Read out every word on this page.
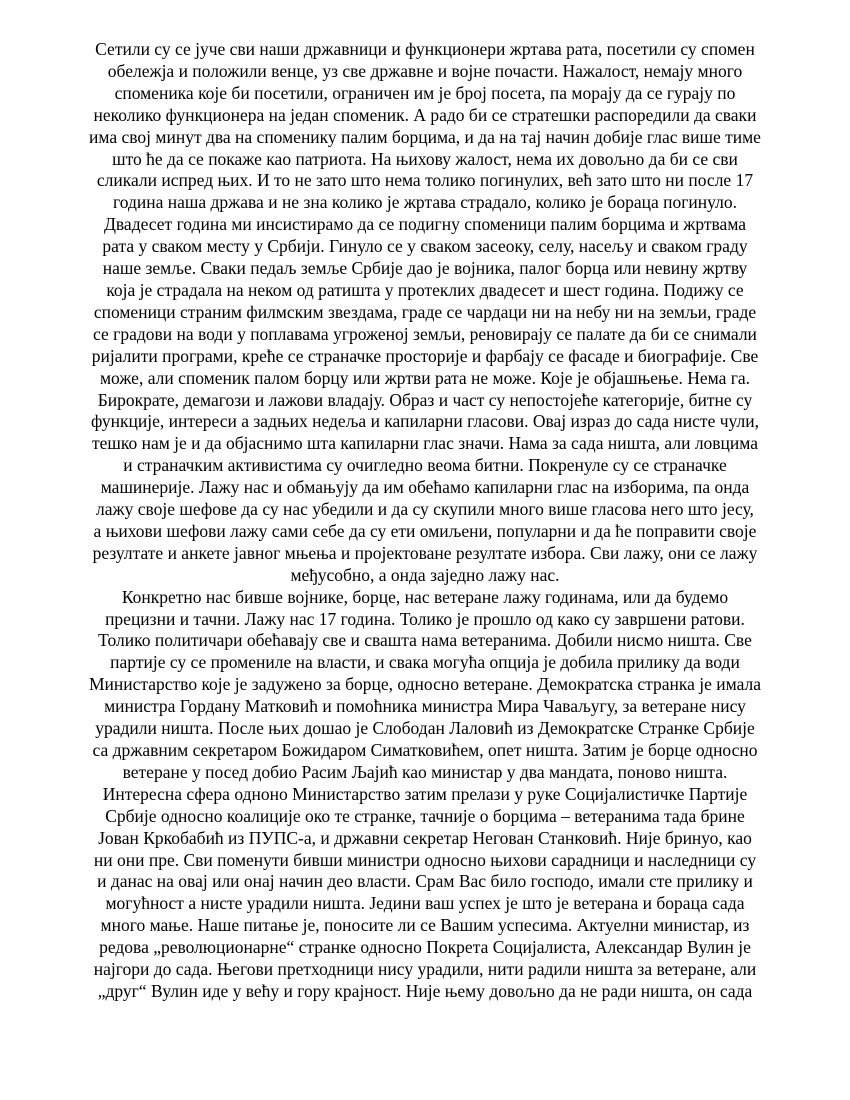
Сетили су се јуче сви наши државници и функционери жртава рата, посетили су спомен
обележја и положили венце, уз све државне и војне почасти. Нажалост, немају много
споменика које би посетили, ограничен им је број посета, па морају да се гурају по
неколико функционера на један споменик. А радо би се стратешки распоредили да сваки
има свој минут два на споменику палим борцима, и да на тај начин добије глас више тиме
што ће да се покаже као патриота. На њихову жалост, нема их довољно да би се сви
сликали испред њих. И то не зато што нема толико погинулих, већ зато што ни после 17
година наша држава и не зна колико је жртава страдало, колико је бораца погинуло.
Двадесет година ми инсистирамо да се подигну споменици палим борцима и жртвама
рата у сваком месту у Србији. Гинуло се у сваком засеоку, селу, насељу и сваком граду
наше земље. Сваки педаљ земље Србије дао је војника, палог борца или невину жртву
која је страдала на неком од ратишта у протеклих двадесет и шест година. Подижу се
споменици страним филмским звездама, граде се чардаци ни на небу ни на земљи, граде
се градови на води у поплавама угроженој земљи, реновирају се палате да би се снимали
ријалити програми, креће се страначке просторије и фарбају се фасаде и биографије. Све
може, али споменик палом борцу или жртви рата не може. Које је објашњење. Нема га.
Бирократе, демагози и лажови владају. Образ и част су непостојеће категорије, битне су
функције, интереси а задњих недеља и капиларни гласови. Овај израз до сада нисте чули,
тешко нам је и да објаснимо шта капиларни глас значи. Нама за сада ништа, али ловцима
и страначким активистима су очигледно веома битни. Покренуле су се страначке
машинерије. Лажу нас и обмањују да им обећамо капиларни глас на изборима, па онда
лажу своје шефове да су нас убедили и да су скупили много више гласова него што јесу,
а њихови шефови лажу сами себе да су ети омиљени, популарни и да ће поправити своје
резултате и анкете јавног мњења и пројектоване резултате избора. Сви лажу, они се лажу
међусобно, а онда заједно лажу нас.
Конкретно нас бивше војнике, борце, нас ветеране лажу годинама, или да будемо
прецизни и тачни. Лажу нас 17 година. Толико је прошло од како су завршени ратови.
Толико политичари обећавају све и свашта нама ветеранима. Добили нисмо ништа. Све
партије су се промениле на власти, и свака могућа опција је добила прилику да води
Министарство које је задужено за борце, односно ветеране. Демократска странка је имала
министра Гордану Матковић и помоћника министра Мира Чаваљугу, за ветеране нису
урадили ништа. После њих дошао је Слободан Лаловић из Демократске Странке Србије
са државним секретаром Божидаром Симатковићем, опет ништа. Затим је борце односно
ветеране у посед добио Расим Љајић као министар у два мандата, поново ништа.
Интересна сфера одноно Министарство затим прелази у руке Социјалистичке Партије
Србије односно коалиције око те странке, тачније о борцима – ветеранима тада брине
Јован Кркобабић из ПУПС-а, и државни секретар Негован Станковић. Није бринуо, као
ни они пре. Сви поменути бивши министри односно њихови сарадници и наследници су
и данас на овај или онај начин део власти. Срам Вас било господо, имали сте прилику и
могућност а нисте урадили ништа. Једини ваш успех је што је ветерана и бораца сада
много мање. Наше питање је, поносите ли се Вашим успесима. Актуелни министар, из
редова „революционарне“ странке односно Покрета Социјалиста, Александар Вулин је
најгори до сада. Његови претходници нису урадили, нити радили ништа за ветеране, али
„друг“ Вулин иде у већу и гору крајност. Није њему довољно да не ради ништа, он сада
